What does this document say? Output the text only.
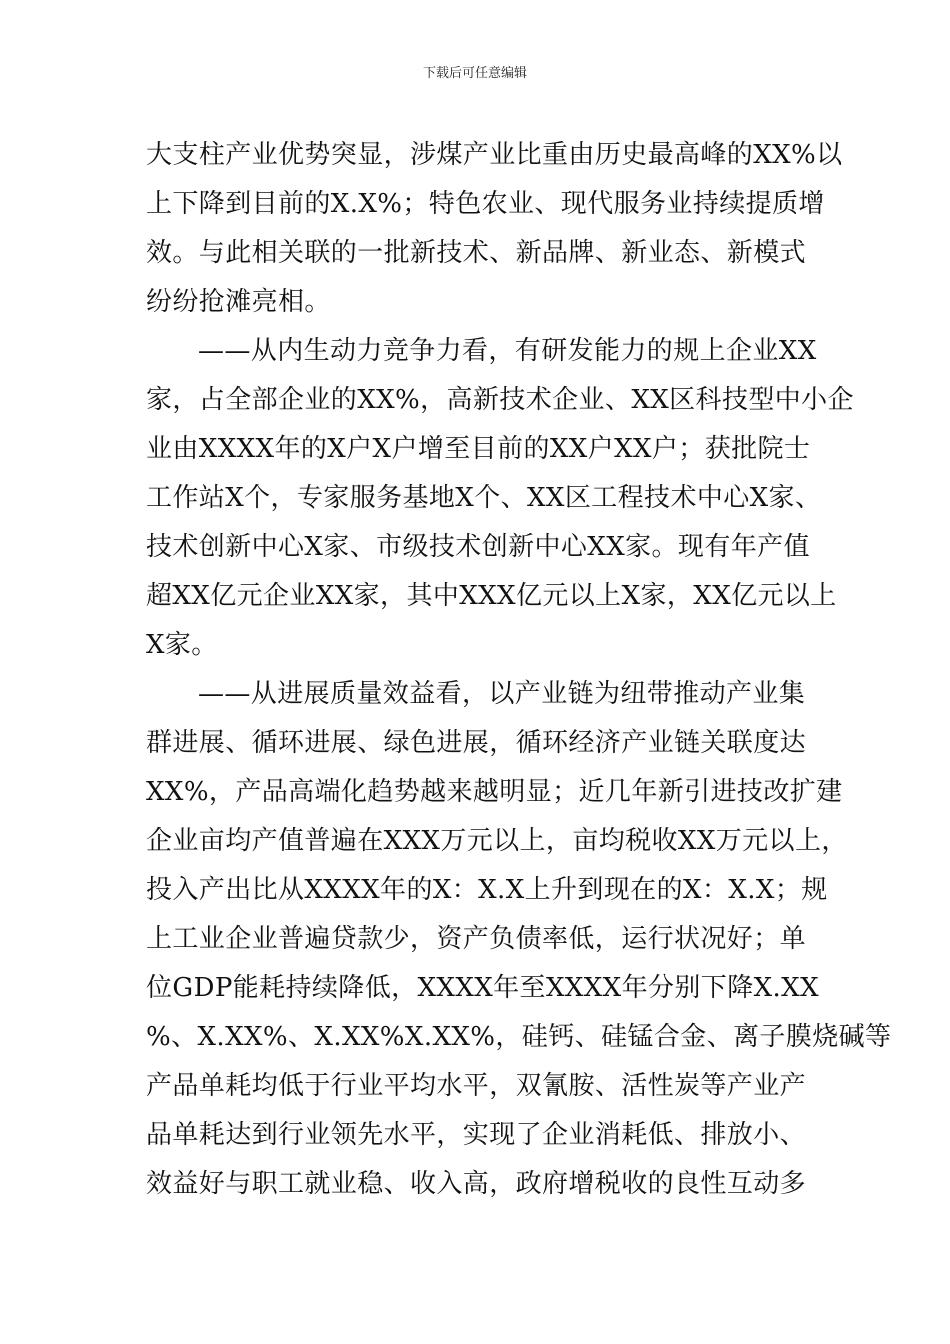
下载后可任意编辑
大支柱产业优势突显，涉煤产业比重由历史最高峰的XX%以
上下降到目前的X.X%；特色农业、现代服务业持续提质增
效。与此相关联的一批新技术、新品牌、新业态、新模式
纷纷抢滩亮相。
——从内生动力竞争力看，有研发能力的规上企业XX
家，占全部企业的XX%，高新技术企业、XX区科技型中小企
业由XXXX年的X户X户增至目前的XX户XX户；获批院士
工作站X个，专家服务基地X个、XX区工程技术中心X家、
技术创新中心X家、市级技术创新中心XX家。现有年产值
超XX亿元企业XX家，其中XXX亿元以上X家，XX亿元以上
X家。
——从进展质量效益看，以产业链为纽带推动产业集
群进展、循环进展、绿色进展，循环经济产业链关联度达
XX%，产品高端化趋势越来越明显；近几年新引进技改扩建
企业亩均产值普遍在XXX万元以上，亩均税收XX万元以上，
投入产出比从XXXX年的X：X.X上升到现在的X：X.X；规
上工业企业普遍贷款少，资产负债率低，运行状况好；单
位GDP能耗持续降低，XXXX年至XXXX年分别下降X.XX
%、X.XX%、X.XX%X.XX%，硅钙、硅锰合金、离子膜烧碱等
产品单耗均低于行业平均水平，双氰胺、活性炭等产业产
品单耗达到行业领先水平，实现了企业消耗低、排放小、
效益好与职工就业稳、收入高，政府增税收的良性互动多
